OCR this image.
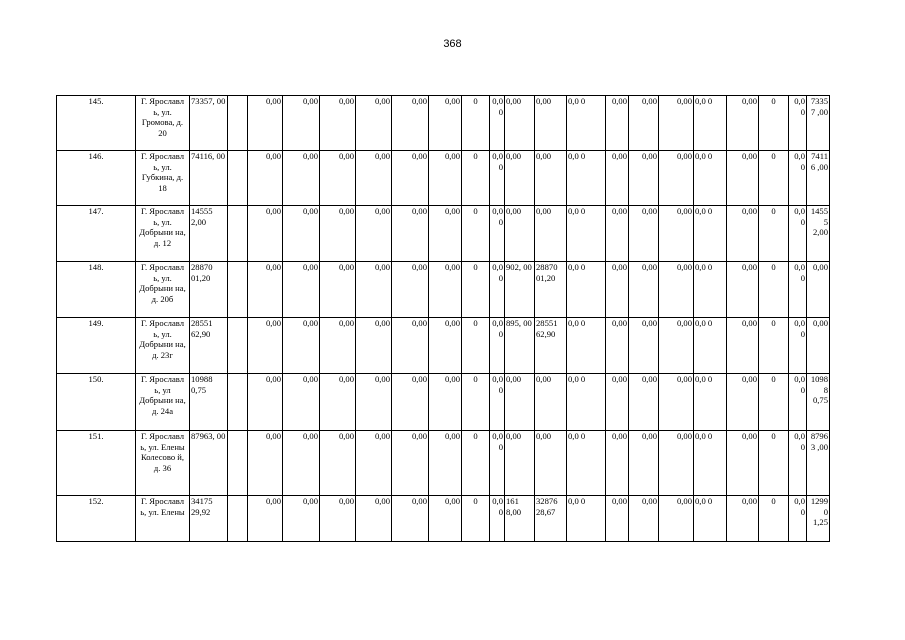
368
145.	Г. Ярославл ь, ул. Громова, д. 20	73357, 00		0,00	0,00	0,00	0,00	0,00	0,00	0	0,00	0,00	0,00	0,0 0	0,00	0,00	0,00	0,0 0	0,00	0	0,00	73357 ,00
146.	Г. Ярославл ь, ул. Губкина, д. 18	74116, 00		0,00	0,00	0,00	0,00	0,00	0,00	0	0,00	0,00	0,00	0,0 0	0,00	0,00	0,00	0,0 0	0,00	0	0,00	74116 ,00
147.	Г. Ярославл ь, ул. Добрыни на, д. 12	14555 2,00		0,00	0,00	0,00	0,00	0,00	0,00	0	0,00	0,00	0,00	0,0 0	0,00	0,00	0,00	0,0 0	0,00	0	0,00	14555 2,00
148.	Г. Ярославл ь, ул. Добрыни на, д. 20б	28870 01,20		0,00	0,00	0,00	0,00	0,00	0,00	0	0,00	902, 00	28870 01,20	0,0 0	0,00	0,00	0,00	0,0 0	0,00	0	0,00	0,00
149.	Г. Ярославл ь, ул. Добрыни на, д. 23г	28551 62,90		0,00	0,00	0,00	0,00	0,00	0,00	0	0,00	895, 00	28551 62,90	0,0 0	0,00	0,00	0,00	0,0 0	0,00	0	0,00	0,00
150.	Г. Ярославл ь, ул Добрыни на, д. 24а	10988 0,75		0,00	0,00	0,00	0,00	0,00	0,00	0	0,00	0,00	0,00	0,0 0	0,00	0,00	0,00	0,0 0	0,00	0	0,00	10988 0,75
151.	Г. Ярославл ь, ул. Елены Колесово й, д. 36	87963, 00		0,00	0,00	0,00	0,00	0,00	0,00	0	0,00	0,00	0,00	0,0 0	0,00	0,00	0,00	0,0 0	0,00	0	0,00	87963 ,00
152.	Г. Ярославл ь, ул. Елены	34175 29,92		0,00	0,00	0,00	0,00	0,00	0,00	0	0,00	161 8,00	32876 28,67	0,0 0	0,00	0,00	0,00	0,0 0	0,00	0	0,00	12990 1,25
